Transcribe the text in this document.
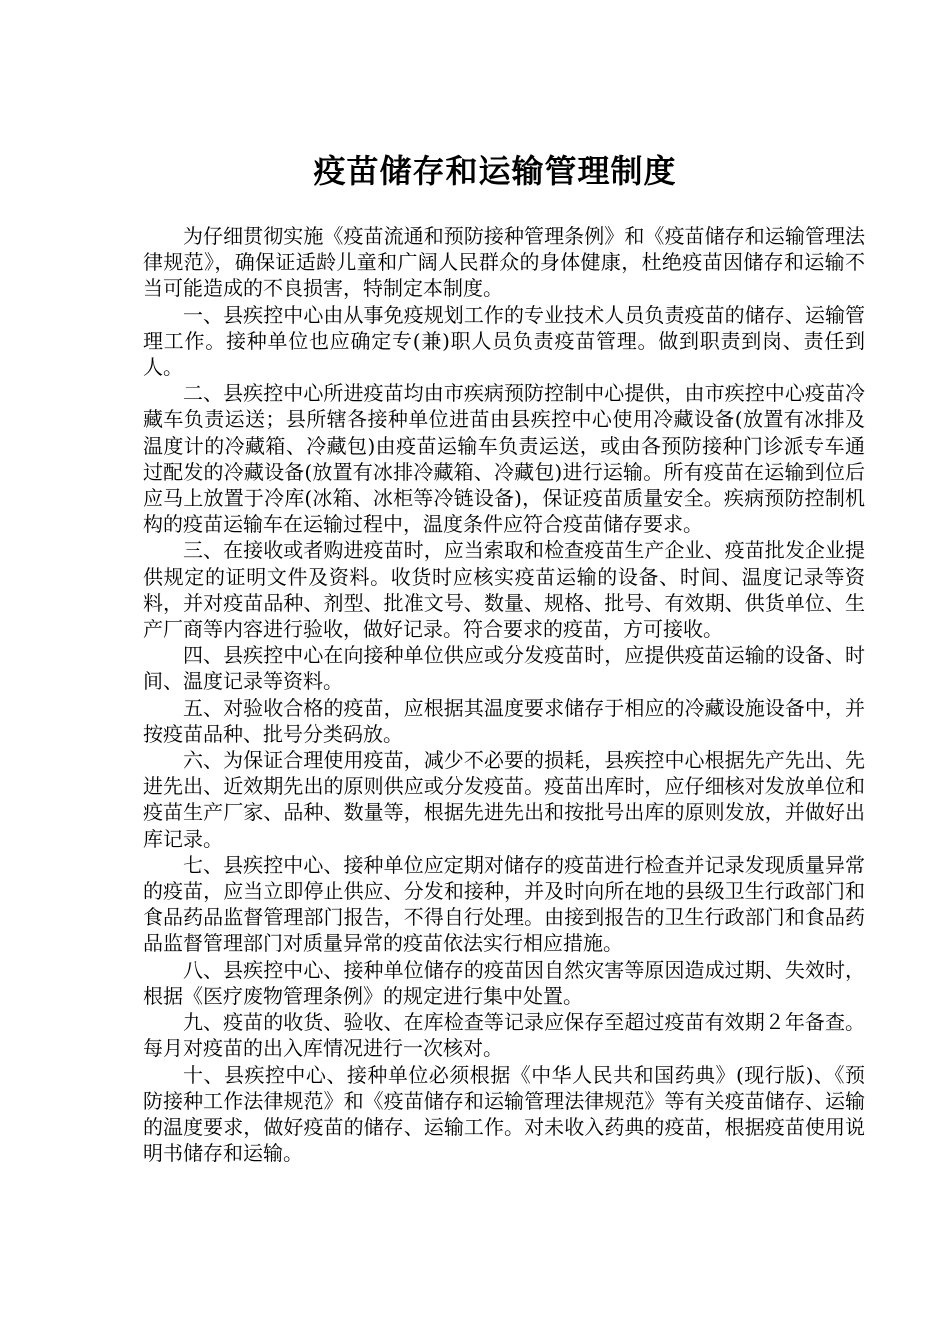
疫苗储存和运输管理制度

为仔细贯彻实施《疫苗流通和预防接种管理条例》和《疫苗储存和运输管理法律规范》，确保证适龄儿童和广阔人民群众的身体健康，杜绝疫苗因储存和运输不当可能造成的不良损害，特制定本制度。

一、县疾控中心由从事免疫规划工作的专业技术人员负责疫苗的储存、运输管理工作。接种单位也应确定专(兼)职人员负责疫苗管理。做到职责到岗、责任到人。

二、县疾控中心所进疫苗均由市疾病预防控制中心提供，由市疾控中心疫苗冷藏车负责运送；县所辖各接种单位进苗由县疾控中心使用冷藏设备(放置有冰排及温度计的冷藏箱、冷藏包)由疫苗运输车负责运送，或由各预防接种门诊派专车通过配发的冷藏设备(放置有冰排冷藏箱、冷藏包)进行运输。所有疫苗在运输到位后应马上放置于冷库(冰箱、冰柜等冷链设备)，保证疫苗质量安全。疾病预防控制机构的疫苗运输车在运输过程中，温度条件应符合疫苗储存要求。

三、在接收或者购进疫苗时，应当索取和检查疫苗生产企业、疫苗批发企业提供规定的证明文件及资料。收货时应核实疫苗运输的设备、时间、温度记录等资料，并对疫苗品种、剂型、批准文号、数量、规格、批号、有效期、供货单位、生产厂商等内容进行验收，做好记录。符合要求的疫苗，方可接收。

四、县疾控中心在向接种单位供应或分发疫苗时，应提供疫苗运输的设备、时间、温度记录等资料。

五、对验收合格的疫苗，应根据其温度要求储存于相应的冷藏设施设备中，并按疫苗品种、批号分类码放。

六、为保证合理使用疫苗，减少不必要的损耗，县疾控中心根据先产先出、先进先出、近效期先出的原则供应或分发疫苗。疫苗出库时，应仔细核对发放单位和疫苗生产厂家、品种、数量等，根据先进先出和按批号出库的原则发放，并做好出库记录。

七、县疾控中心、接种单位应定期对储存的疫苗进行检查并记录发现质量异常的疫苗，应当立即停止供应、分发和接种，并及时向所在地的县级卫生行政部门和食品药品监督管理部门报告，不得自行处理。由接到报告的卫生行政部门和食品药品监督管理部门对质量异常的疫苗依法实行相应措施。

八、县疾控中心、接种单位储存的疫苗因自然灾害等原因造成过期、失效时，根据《医疗废物管理条例》的规定进行集中处置。

九、疫苗的收货、验收、在库检查等记录应保存至超过疫苗有效期２年备查。每月对疫苗的出入库情况进行一次核对。

十、县疾控中心、接种单位必须根据《中华人民共和国药典》(现行版)、《预防接种工作法律规范》和《疫苗储存和运输管理法律规范》等有关疫苗储存、运输的温度要求，做好疫苗的储存、运输工作。对未收入药典的疫苗，根据疫苗使用说明书储存和运输。
